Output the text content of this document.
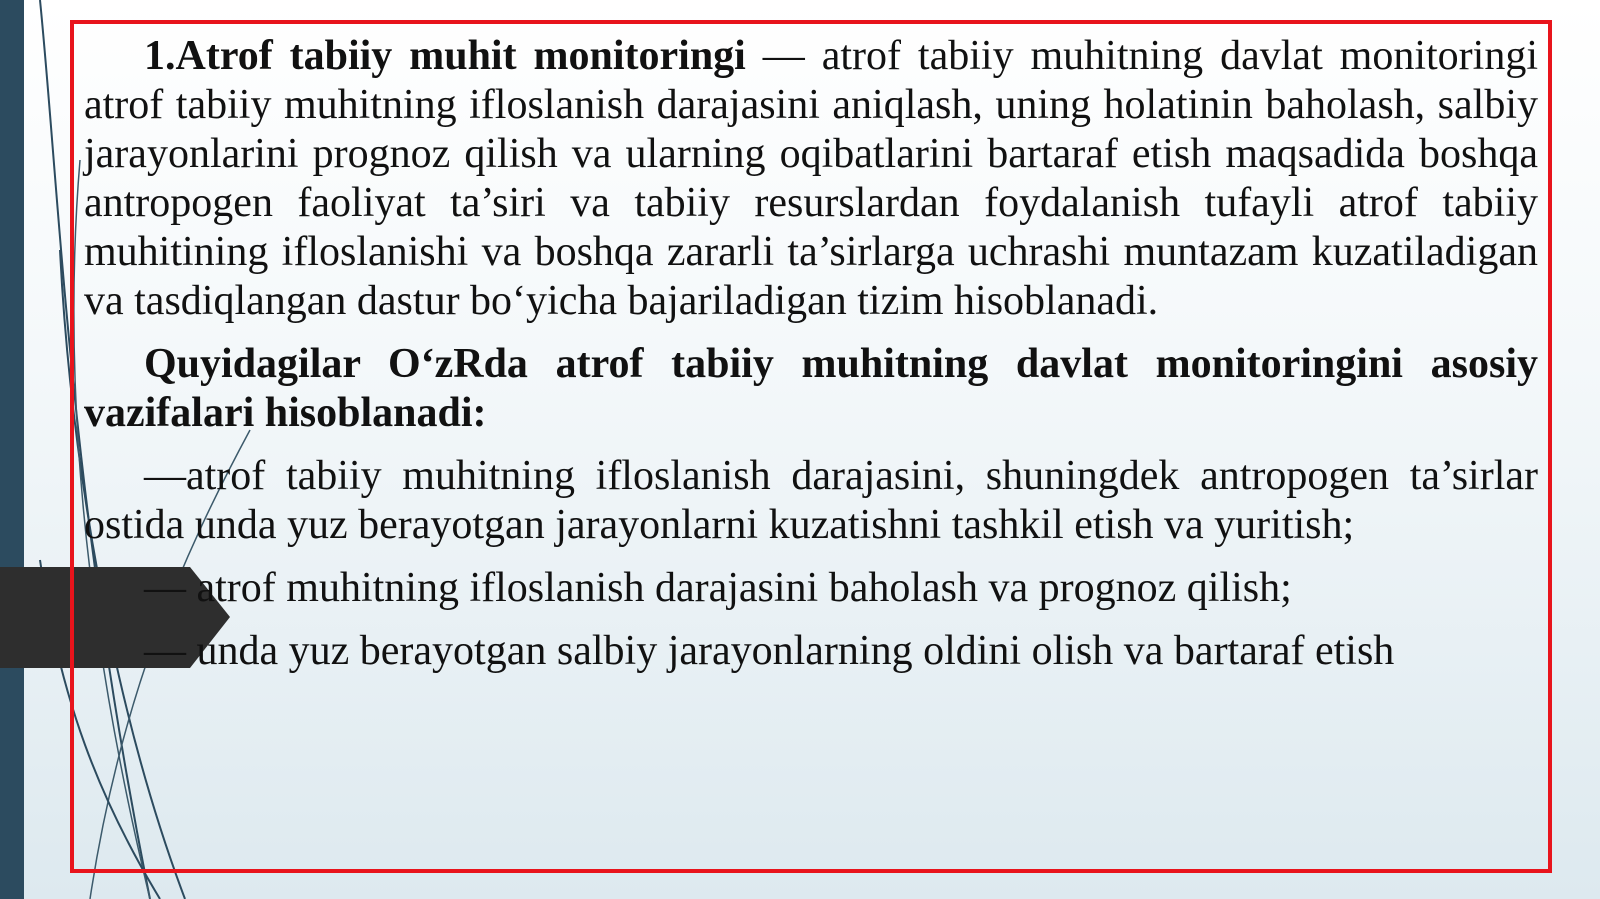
1.Atrof tabiiy muhit monitoringi — atrof tabiiy muhitning davlat monitoringi atrof tabiiy muhitning ifloslanish darajasini aniqlash, uning holatinin baholash, salbiy jarayonlarini prognoz qilish va ularning oqibatlarini bartaraf etish maqsadida boshqa antropogen faoliyat ta’siri va tabiiy resurslardan foydalanish tufayli atrof tabiiy muhitining ifloslanishi va boshqa zararli ta’sirlarga uchrashi muntazam kuzatiladigan va tasdiqlangan dastur bo‘yicha bajariladigan tizim hisoblanadi.

Quyidagilar O‘zRda atrof tabiiy muhitning davlat monitoringini asosiy vazifalari hisoblanadi:

—atrof tabiiy muhitning ifloslanish darajasini, shuningdek antropogen ta’sirlar ostida unda yuz berayotgan jarayonlarni kuzatishni tashkil etish va yuritish;

— atrof muhitning ifloslanish darajasini baholash va prognoz qilish;

— unda yuz berayotgan salbiy jarayonlarning oldini olish va bartaraf etish
